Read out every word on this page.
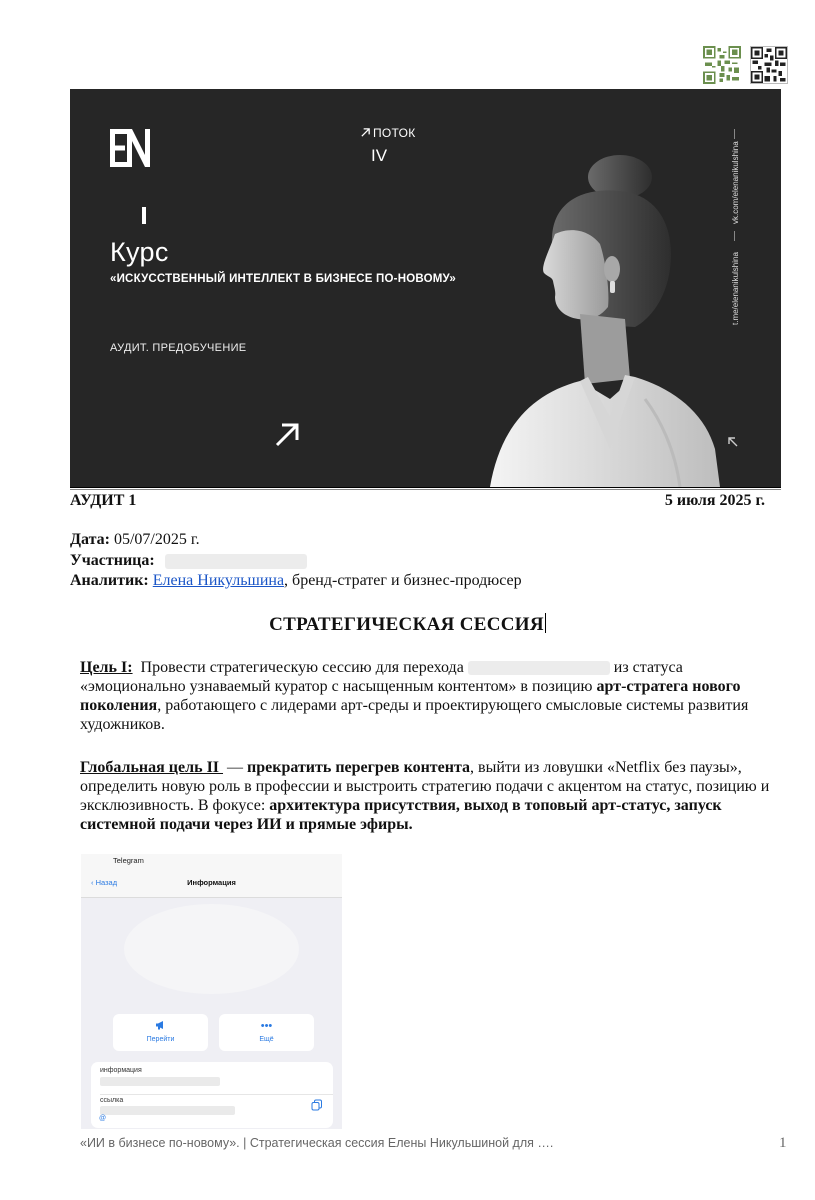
Курс
«ИСКУССТВЕННЫЙ ИНТЕЛЛЕКТ В БИЗНЕСЕ ПО-НОВОМУ»
АУДИТ. ПРЕДОБУЧЕНИЕ
ПОТОК
IV	vk.com/elenanikulshina
t.me/elenanikulshina
АУДИТ 1	5 июля 2025 г.
Дата: 05/07/2025 г.
Участница:
Аналитик: Елена Никульшина, бренд-стратег и бизнес-продюсер
СТРАТЕГИЧЕСКАЯ СЕССИЯ
Цель I:  Провести стратегическую сессию для перехода	из статуса «эмоционально узнаваемый куратор с насыщенным контентом» в позицию арт-стратега нового поколения, работающего с лидерами арт-среды и проектирующего смысловые системы развития художников.
Глобальная цель II  — прекратить перегрев контента, выйти из ловушки «Netflix без паузы», определить новую роль в профессии и выстроить стратегию подачи с акцентом на статус, позицию и эксклюзивность. В фокусе: архитектура присутствия, выход в топовый арт-статус, запуск системной подачи через ИИ и прямые эфиры.
Telegram
‹ Назад	Информация
Перейти
•••
Ещё
информация
ссылка
@
«ИИ в бизнесе по-новому». | Стратегическая сессия Елены Никульшиной для ….	1
